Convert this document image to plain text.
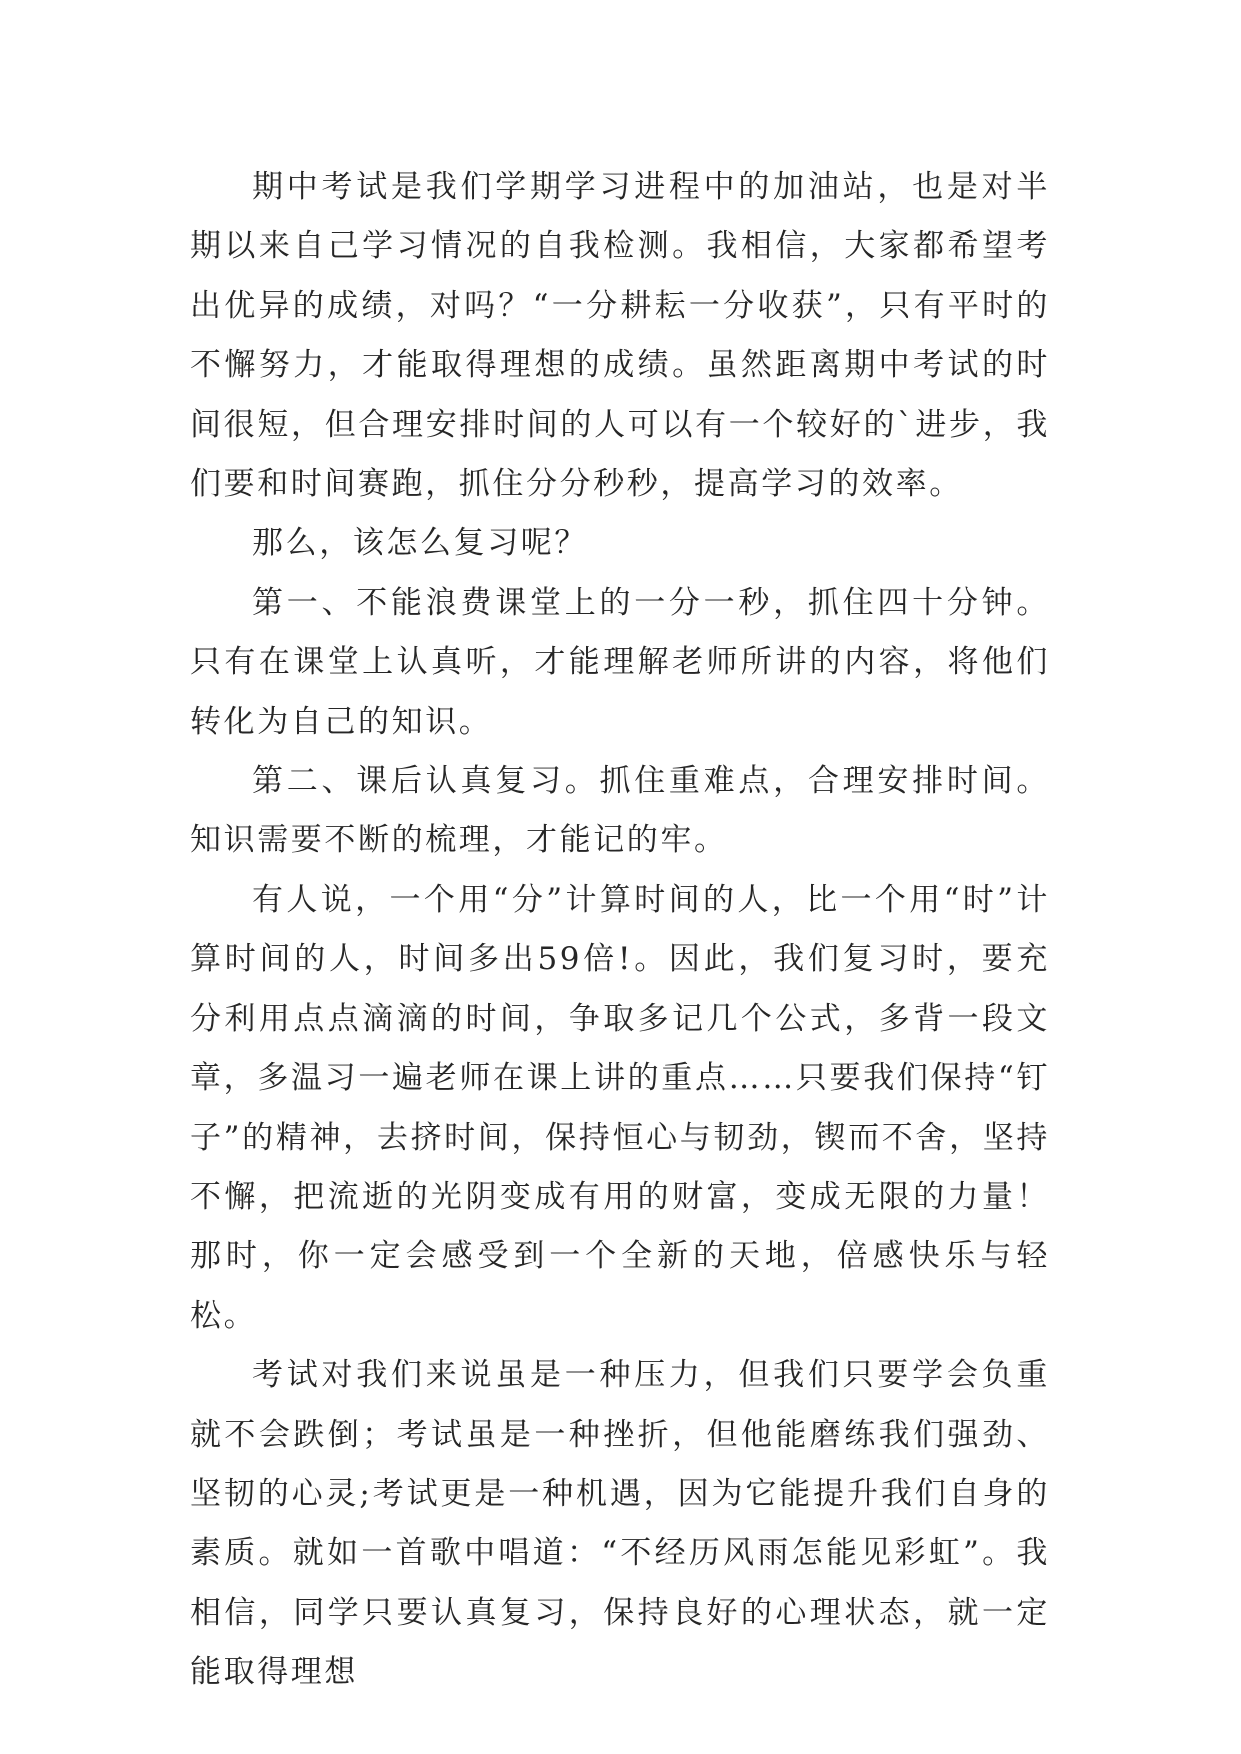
期中考试是我们学期学习进程中的加油站，也是对半期以来自己学习情况的自我检测。我相信，大家都希望考出优异的成绩，对吗？“一分耕耘一分收获”，只有平时的不懈努力，才能取得理想的成绩。虽然距离期中考试的时间很短，但合理安排时间的人可以有一个较好的`进步，我们要和时间赛跑，抓住分分秒秒，提高学习的效率。

那么，该怎么复习呢？

第一、不能浪费课堂上的一分一秒，抓住四十分钟。只有在课堂上认真听，才能理解老师所讲的内容，将他们转化为自己的知识。

第二、课后认真复习。抓住重难点，合理安排时间。知识需要不断的梳理，才能记的牢。

有人说，一个用“分”计算时间的人，比一个用“时”计算时间的人，时间多出59倍!。因此，我们复习时，要充分利用点点滴滴的时间，争取多记几个公式，多背一段文章，多温习一遍老师在课上讲的重点……只要我们保持“钉子”的精神，去挤时间，保持恒心与韧劲，锲而不舍，坚持不懈，把流逝的光阴变成有用的财富，变成无限的力量！那时，你一定会感受到一个全新的天地，倍感快乐与轻松。

考试对我们来说虽是一种压力，但我们只要学会负重就不会跌倒；考试虽是一种挫折，但他能磨练我们强劲、坚韧的心灵;考试更是一种机遇，因为它能提升我们自身的素质。就如一首歌中唱道：“不经历风雨怎能见彩虹”。我相信，同学只要认真复习，保持良好的心理状态，就一定能取得理想
